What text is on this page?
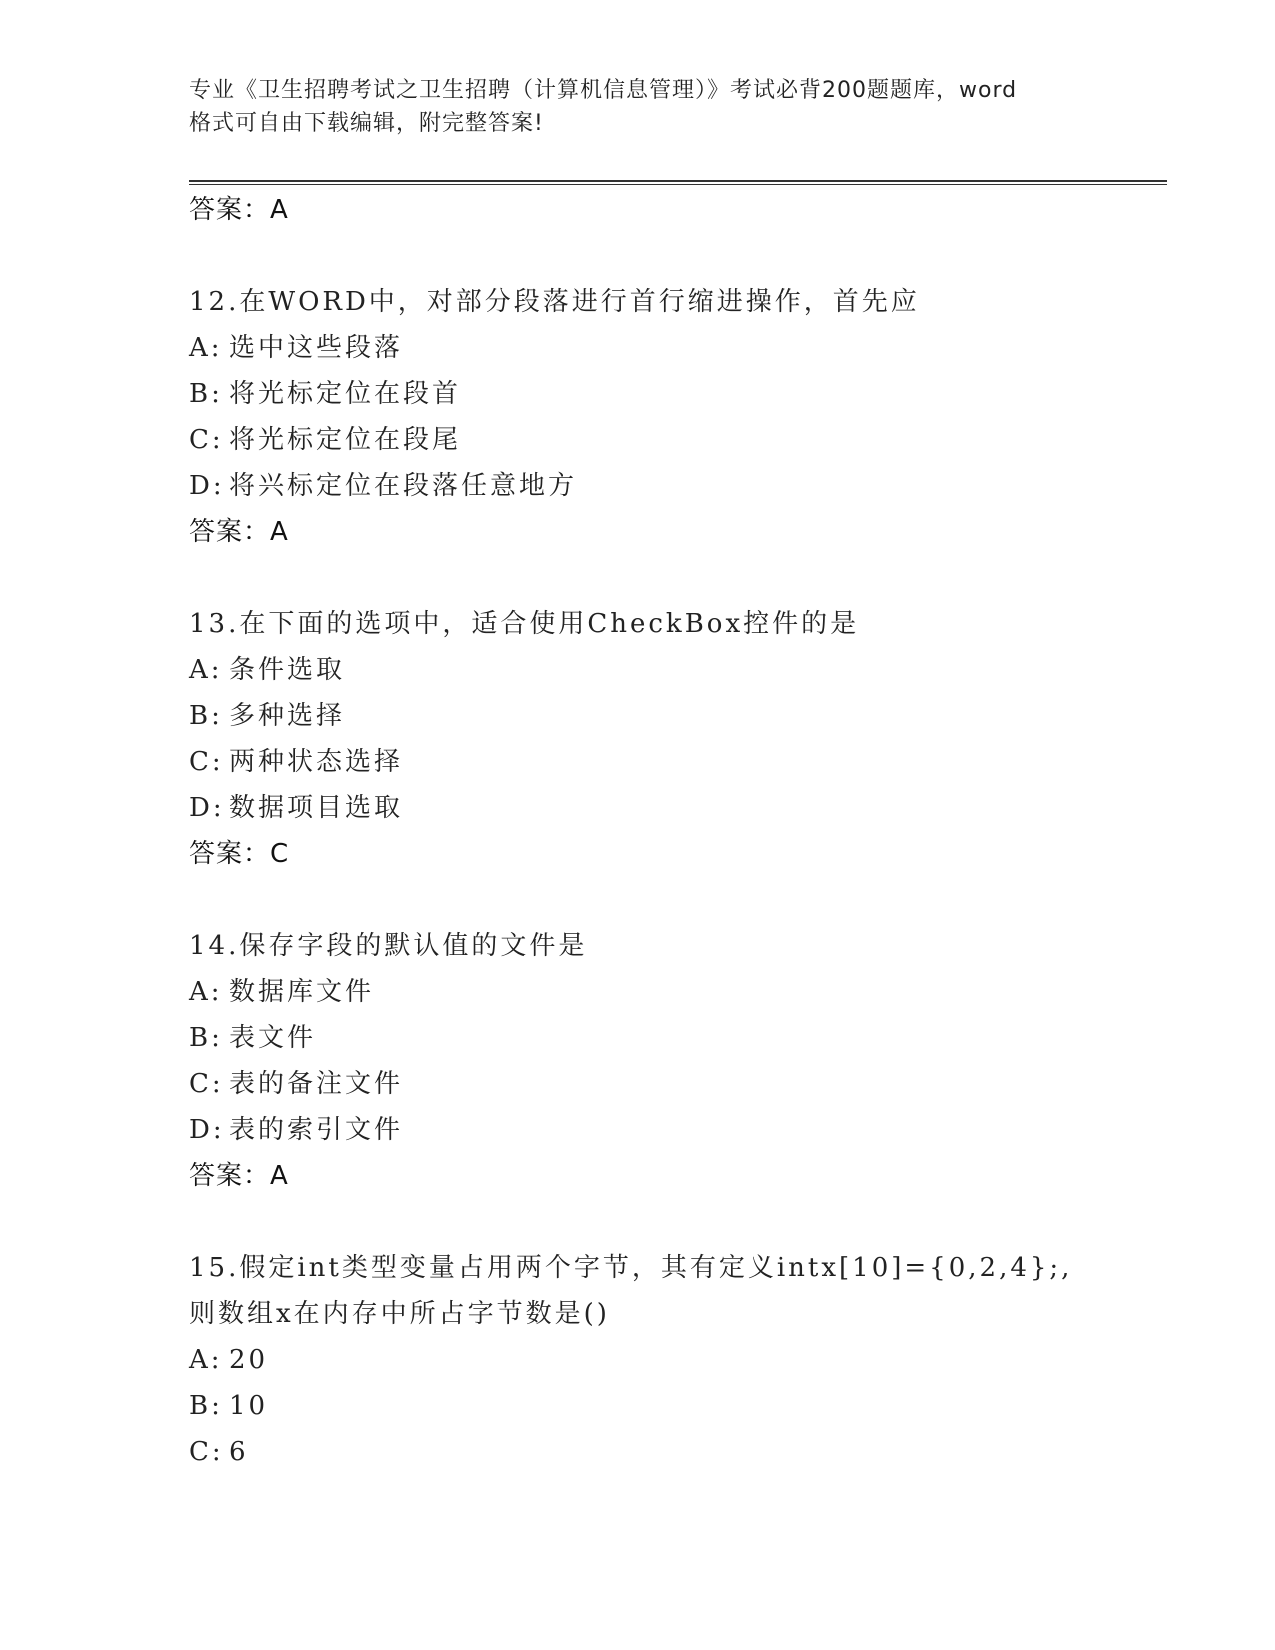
专业《卫生招聘考试之卫生招聘（计算机信息管理）》考试必背200题题库，word
格式可自由下载编辑，附完整答案!
答案：A
12.在WORD中，对部分段落进行首行缩进操作，首先应
A: 选中这些段落
B: 将光标定位在段首
C: 将光标定位在段尾
D: 将兴标定位在段落任意地方
答案：A
13.在下面的选项中，适合使用CheckBox控件的是
A: 条件选取
B: 多种选择
C: 两种状态选择
D: 数据项目选取
答案：C
14.保存字段的默认值的文件是
A: 数据库文件
B: 表文件
C: 表的备注文件
D: 表的索引文件
答案：A
15.假定int类型变量占用两个字节，其有定义intx[10]={0,2,4};,
则数组x在内存中所占字节数是()
A: 20
B: 10
C: 6
